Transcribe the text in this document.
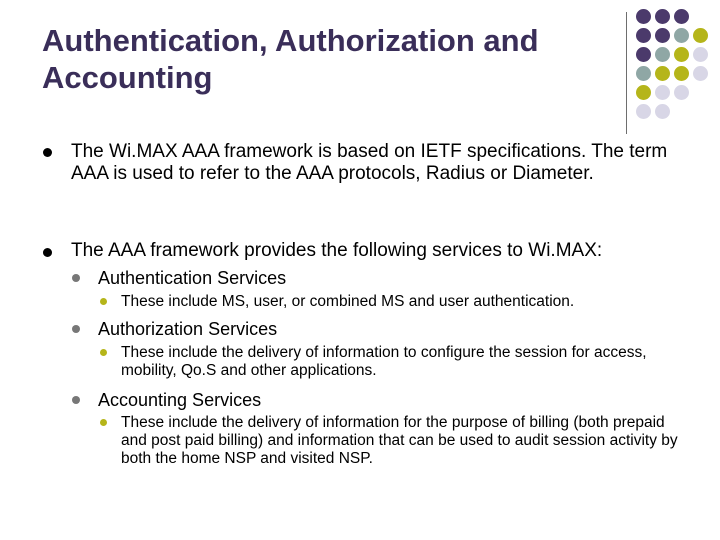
Authentication, Authorization and Accounting

The Wi.MAX AAA framework is based on IETF specifications. The term AAA is used to refer to the AAA protocols, Radius or Diameter.

The AAA framework provides the following services to Wi.MAX:

Authentication Services

These include MS, user, or combined MS and user authentication.

Authorization Services

These include the delivery of information to configure the session for access, mobility, Qo.S and other applications.

Accounting Services

These include the delivery of information for the purpose of billing (both prepaid and post paid billing) and information that can be used to audit session activity by both the home NSP and visited NSP.
